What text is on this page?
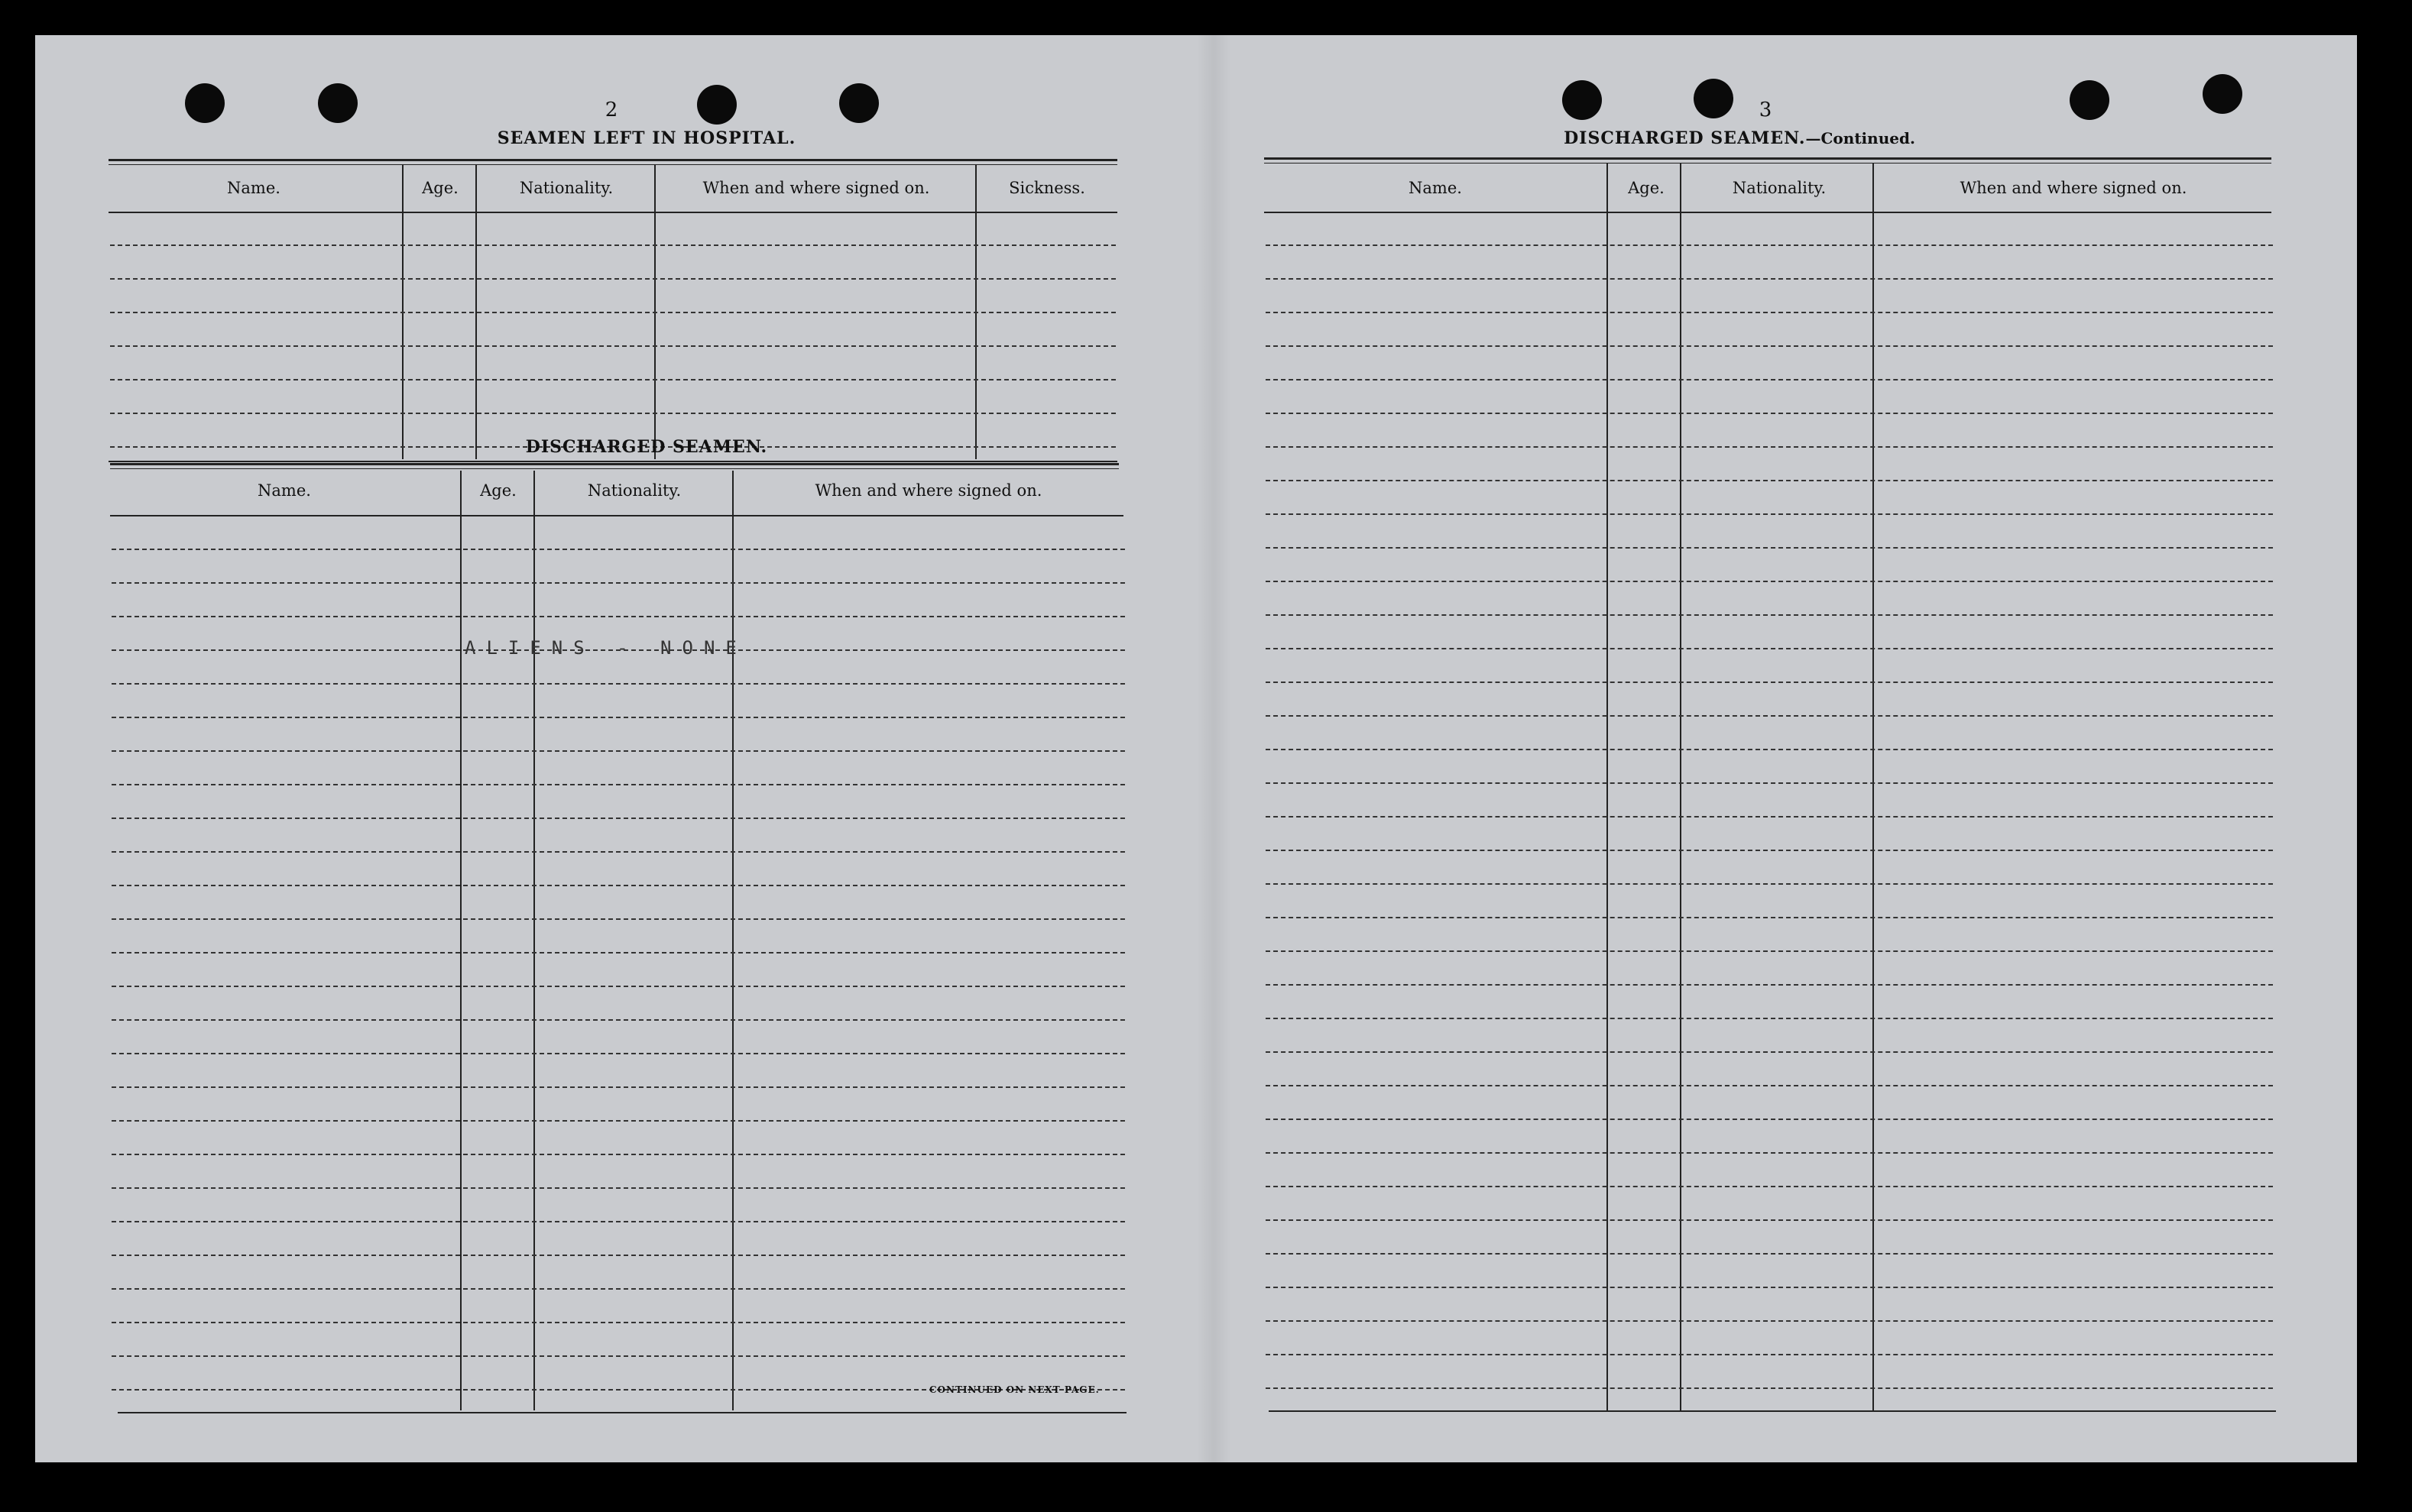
2
SEAMEN LEFT IN HOSPITAL.
Name.	Age.	Nationality.	When and where signed on.	Sickness.
DISCHARGED SEAMEN.
Name.	Age.	Nationality.	When and where signed on.
ALIENS - NONE
CONTINUED ON NEXT PAGE.
3
DISCHARGED SEAMEN.—Continued.
Name.	Age.	Nationality.	When and where signed on.
